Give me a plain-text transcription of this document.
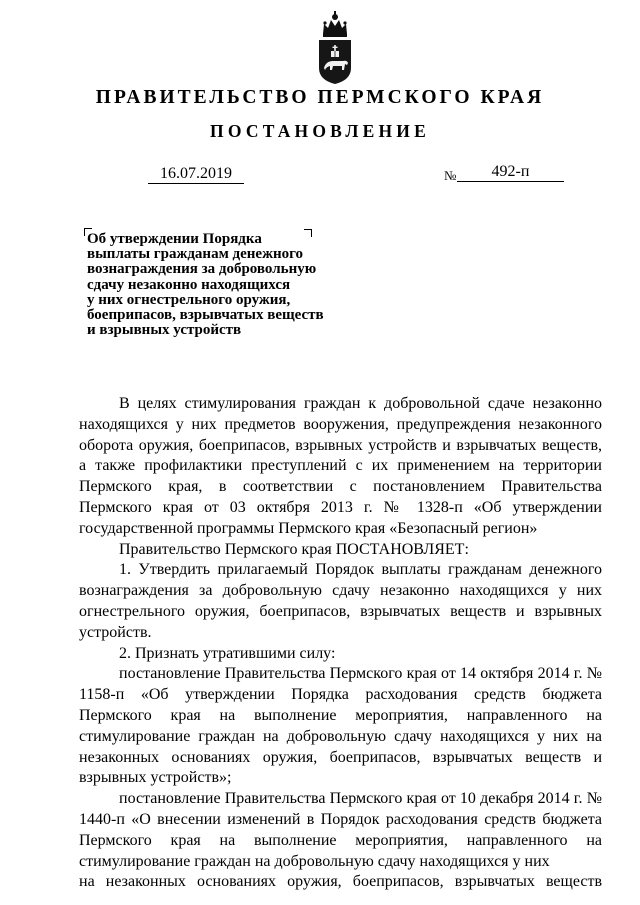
ПРАВИТЕЛЬСТВО ПЕРМСКОГО КРАЯ
ПОСТАНОВЛЕНИЕ
16.07.2019	№	492-п
Об утверждении Порядка
выплаты гражданам денежного
вознаграждения за добровольную
сдачу незаконно находящихся
у них огнестрельного оружия,
боеприпасов, взрывчатых веществ
и взрывных устройств

В целях стимулирования граждан к добровольной сдаче незаконно находящихся у них предметов вооружения, предупреждения незаконного оборота оружия, боеприпасов, взрывных устройств и взрывчатых веществ, а также профилактики преступлений с их применением на территории Пермского края, в соответствии с постановлением Правительства Пермского края от 03 октября 2013 г. № 1328-п «Об утверждении государственной программы Пермского края «Безопасный регион»

Правительство Пермского края ПОСТАНОВЛЯЕТ:

1. Утвердить прилагаемый Порядок выплаты гражданам денежного вознаграждения за добровольную сдачу незаконно находящихся у них огнестрельного оружия, боеприпасов, взрывчатых веществ и взрывных устройств.

2. Признать утратившими силу:

постановление Правительства Пермского края от 14 октября 2014 г. № 1158-п «Об утверждении Порядка расходования средств бюджета Пермского края на выполнение мероприятия, направленного на стимулирование граждан на добровольную сдачу находящихся у них на незаконных основаниях оружия, боеприпасов, взрывчатых веществ и взрывных устройств»;

постановление Правительства Пермского края от 10 декабря 2014 г. № 1440-п «О внесении изменений в Порядок расходования средств бюджета Пермского края на выполнение мероприятия, направленного на стимулирование граждан на добровольную сдачу находящихся у них

на незаконных основаниях оружия, боеприпасов, взрывчатых веществ
